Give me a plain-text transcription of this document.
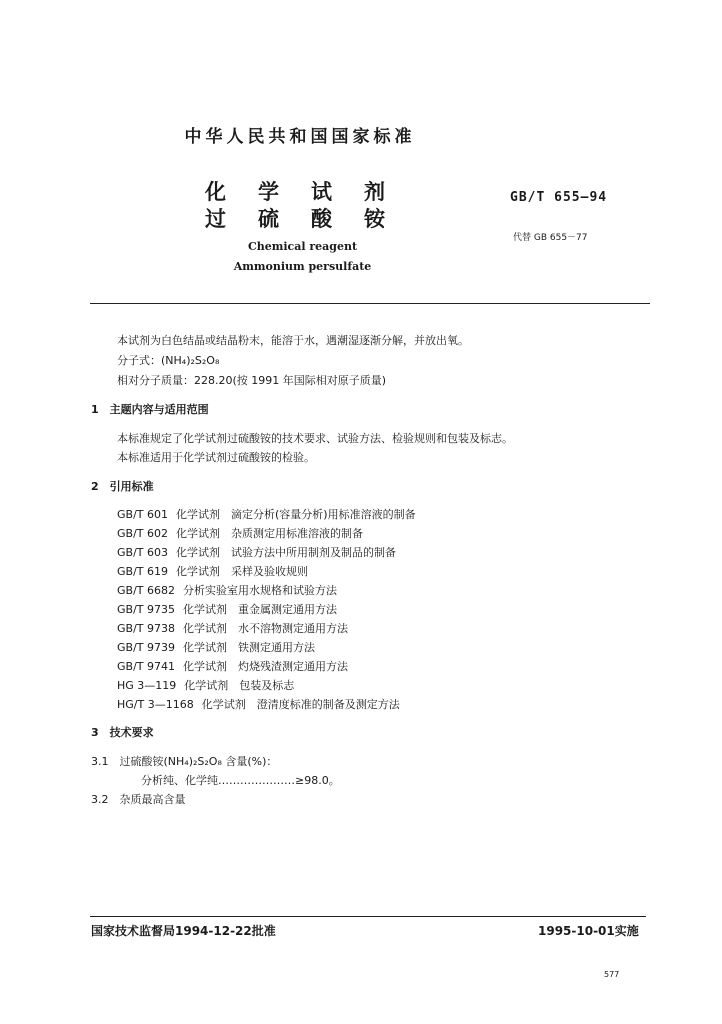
中华人民共和国国家标准
化学试剂
过硫酸铵
GB/T 655—94
代替 GB 655－77
Chemical reagent
Ammonium persulfate
本试剂为白色结晶或结晶粉末，能溶于水，遇潮湿逐渐分解，并放出氧。
分子式：(NH₄)₂S₂O₈
相对分子质量：228.20(按 1991 年国际相对原子质量)
1　主题内容与适用范围
本标准规定了化学试剂过硫酸铵的技术要求、试验方法、检验规则和包装及标志。
本标准适用于化学试剂过硫酸铵的检验。
2　引用标准
GB/T 601 化学试剂　滴定分析(容量分析)用标准溶液的制备
GB/T 602 化学试剂　杂质测定用标准溶液的制备
GB/T 603 化学试剂　试验方法中所用制剂及制品的制备
GB/T 619 化学试剂　采样及验收规则
GB/T 6682 分析实验室用水规格和试验方法
GB/T 9735 化学试剂　重金属测定通用方法
GB/T 9738 化学试剂　水不溶物测定通用方法
GB/T 9739 化学试剂　铁测定通用方法
GB/T 9741 化学试剂　灼烧残渣测定通用方法
HG 3—119 化学试剂　包装及标志
HG/T 3—1168 化学试剂　澄清度标准的制备及测定方法
3　技术要求
3.1　过硫酸铵(NH₄)₂S₂O₈ 含量(%)：
分析纯、化学纯…………………≥98.0。
3.2　杂质最高含量
国家技术监督局1994-12-22批准	1995-10-01实施
577
